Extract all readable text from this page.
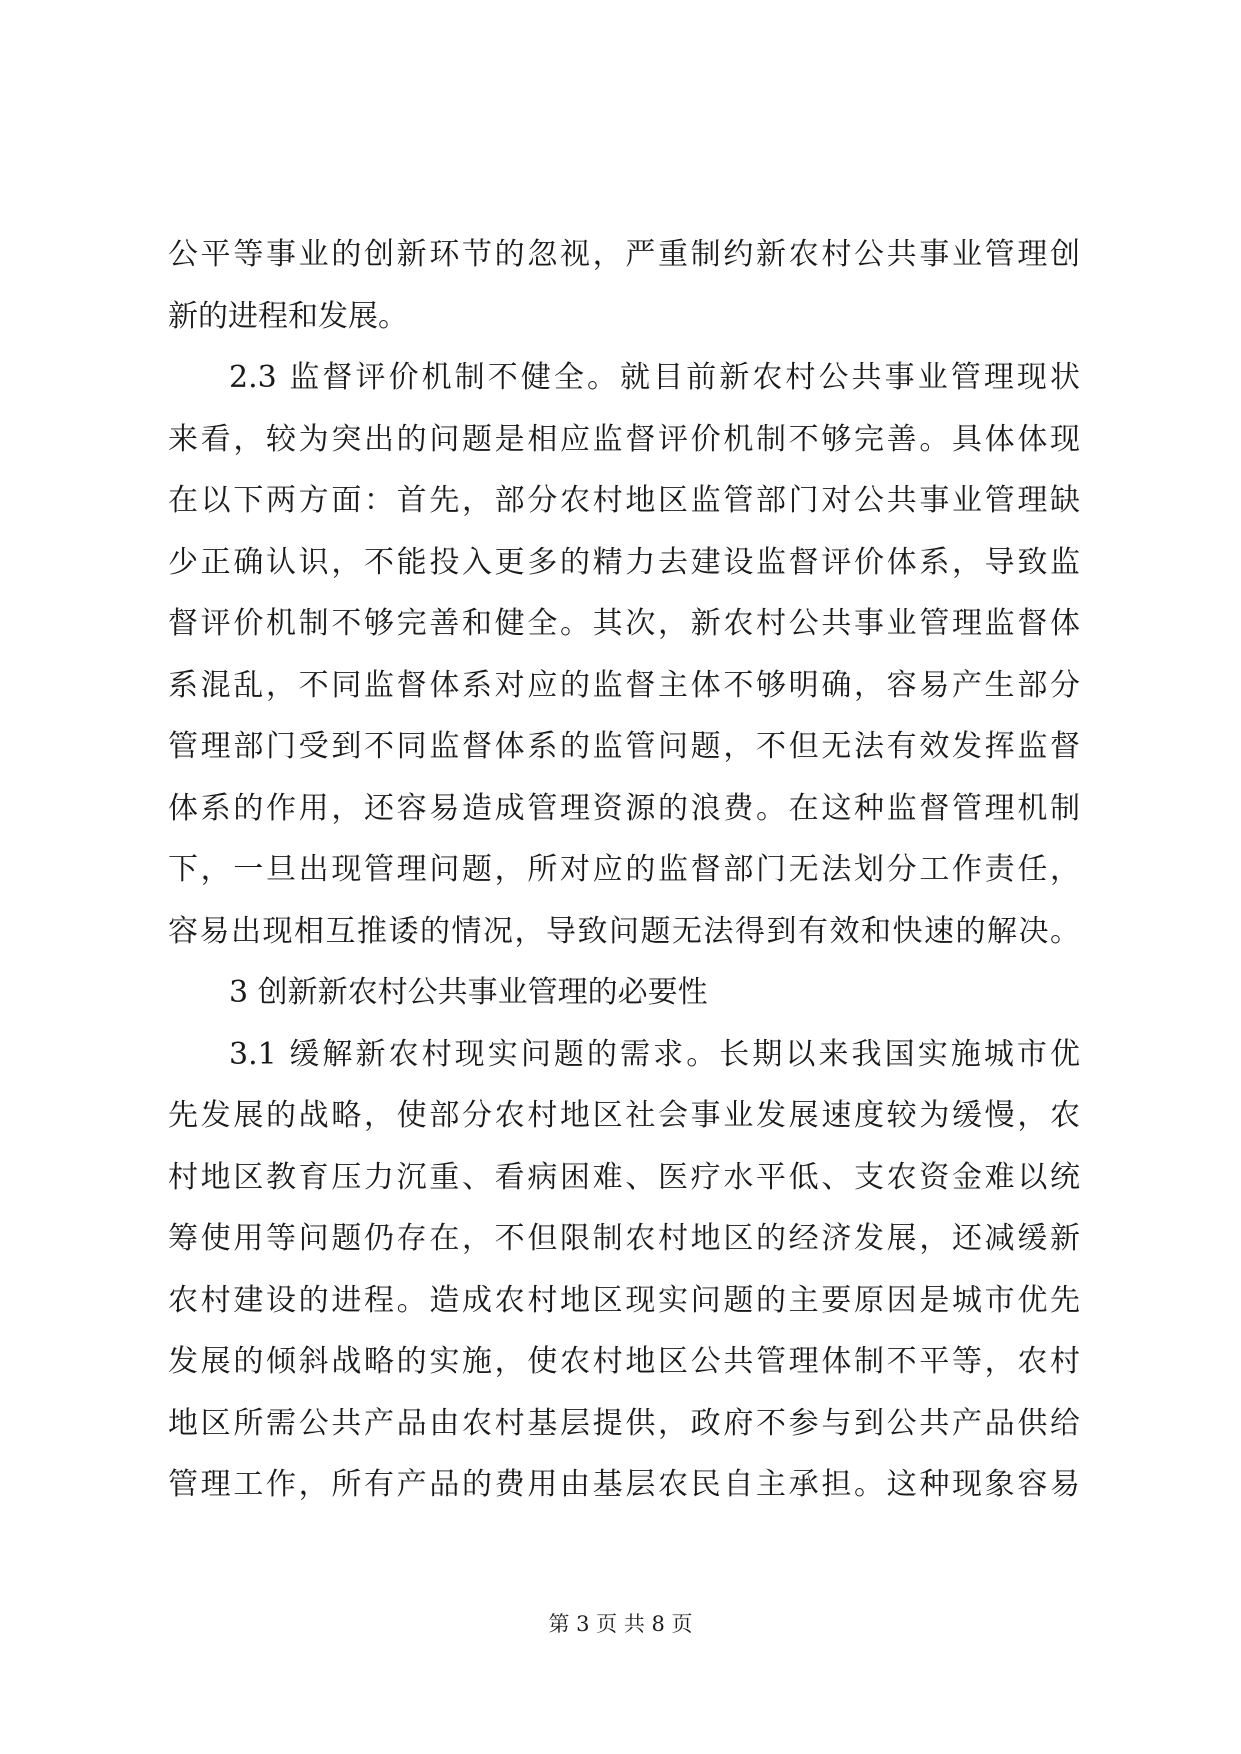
公平等事业的创新环节的忽视，严重制约新农村公共事业管理创
新的进程和发展。
2.3 监督评价机制不健全。就目前新农村公共事业管理现状
来看，较为突出的问题是相应监督评价机制不够完善。具体体现
在以下两方面：首先，部分农村地区监管部门对公共事业管理缺
少正确认识，不能投入更多的精力去建设监督评价体系，导致监
督评价机制不够完善和健全。其次，新农村公共事业管理监督体
系混乱，不同监督体系对应的监督主体不够明确，容易产生部分
管理部门受到不同监督体系的监管问题，不但无法有效发挥监督
体系的作用，还容易造成管理资源的浪费。在这种监督管理机制
下，一旦出现管理问题，所对应的监督部门无法划分工作责任，
容易出现相互推诿的情况，导致问题无法得到有效和快速的解决。
3 创新新农村公共事业管理的必要性
3.1 缓解新农村现实问题的需求。长期以来我国实施城市优
先发展的战略，使部分农村地区社会事业发展速度较为缓慢，农
村地区教育压力沉重、看病困难、医疗水平低、支农资金难以统
筹使用等问题仍存在，不但限制农村地区的经济发展，还减缓新
农村建设的进程。造成农村地区现实问题的主要原因是城市优先
发展的倾斜战略的实施，使农村地区公共管理体制不平等，农村
地区所需公共产品由农村基层提供，政府不参与到公共产品供给
管理工作，所有产品的费用由基层农民自主承担。这种现象容易
第 3 页 共 8 页
